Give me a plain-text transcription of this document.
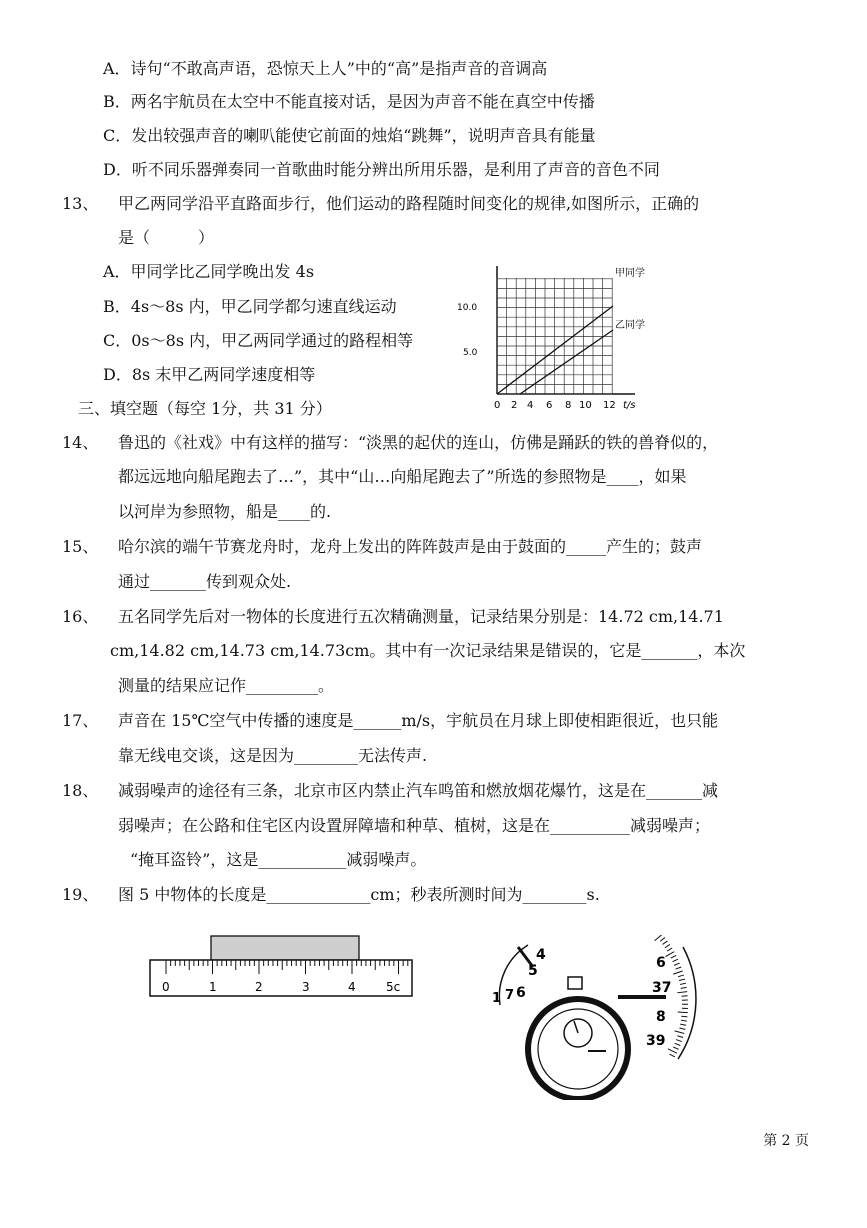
A．诗句“不敢高声语，恐惊天上人”中的“高”是指声音的音调高
B．两名宇航员在太空中不能直接对话，是因为声音不能在真空中传播
C．发出较强声音的喇叭能使它前面的烛焰“跳舞”，说明声音具有能量
D．听不同乐器弹奏同一首歌曲时能分辨出所用乐器，是利用了声音的音色不同
13、 甲乙两同学沿平直路面步行，他们运动的路程随时间变化的规律,如图所示，正确的
是（　　　）
A．甲同学比乙同学晚出发 4s
B．4s～8s 内，甲乙同学都匀速直线运动
C．0s～8s 内，甲乙两同学通过的路程相等
D．8s 末甲乙两同学速度相等
10.0
5.0
0 2 4 6 8 10 12 t/s
甲同学
乙同学
三、填空题（每空 1分，共 31 分）
14、 鲁迅的《社戏》中有这样的描写：“淡黑的起伏的连山，仿佛是踊跃的铁的兽脊似的，
都远远地向船尾跑去了…”，其中“山…向船尾跑去了”所选的参照物是____，如果
以河岸为参照物，船是____的.
15、 哈尔滨的端午节赛龙舟时，龙舟上发出的阵阵鼓声是由于鼓面的_____产生的；鼓声
通过_______传到观众处.
16、 五名同学先后对一物体的长度进行五次精确测量，记录结果分别是：14.72 cm,14.71
cm,14.82 cm,14.73 cm,14.73cm。其中有一次记录结果是错误的，它是_______，本次
测量的结果应记作_________。
17、 声音在 15℃空气中传播的速度是______m/s，宇航员在月球上即使相距很近，也只能
靠无线电交谈，这是因为________无法传声.
18、 减弱噪声的途径有三条，北京市区内禁止汽车鸣笛和燃放烟花爆竹，这是在_______减
弱噪声；在公路和住宅区内设置屏障墙和种草、植树，这是在__________减弱噪声；
“掩耳盗铃”，这是___________减弱噪声。
19、 图 5 中物体的长度是_____________cm；秒表所测时间为________s.
0	1	2	3	4	5c
4
5
6
7
1
6
37
8
39
第 2 页
